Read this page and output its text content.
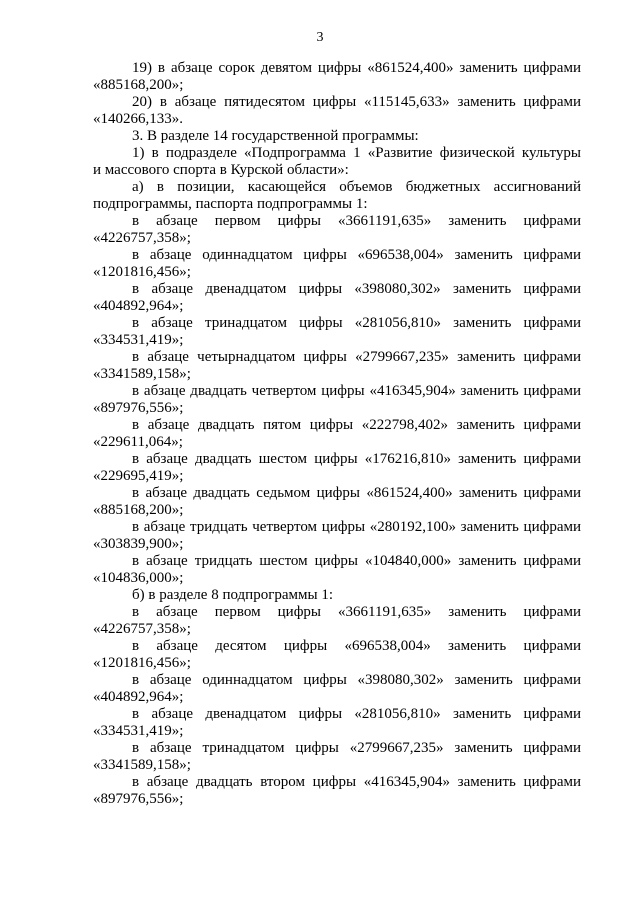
3

19) в абзаце сорок девятом цифры «861524,400» заменить цифрами
«885168,200»;

20) в абзаце пятидесятом цифры «115145,633» заменить цифрами
«140266,133».

3. В разделе 14 государственной программы:

1) в подразделе «Подпрограмма 1 «Развитие физической культуры
и массового спорта в Курской области»:

а) в позиции, касающейся объемов бюджетных ассигнований
подпрограммы, паспорта подпрограммы 1:

в абзаце первом цифры «3661191,635» заменить цифрами
«4226757,358»;

в абзаце одиннадцатом цифры «696538,004» заменить цифрами
«1201816,456»;

в абзаце двенадцатом цифры «398080,302» заменить цифрами
«404892,964»;

в абзаце тринадцатом цифры «281056,810» заменить цифрами
«334531,419»;

в абзаце четырнадцатом цифры «2799667,235» заменить цифрами
«3341589,158»;

в абзаце двадцать четвертом цифры «416345,904» заменить цифрами
«897976,556»;

в абзаце двадцать пятом цифры «222798,402» заменить цифрами
«229611,064»;

в абзаце двадцать шестом цифры «176216,810» заменить цифрами
«229695,419»;

в абзаце двадцать седьмом цифры «861524,400» заменить цифрами
«885168,200»;

в абзаце тридцать четвертом цифры «280192,100» заменить цифрами
«303839,900»;

в абзаце тридцать шестом цифры «104840,000» заменить цифрами
«104836,000»;

б) в разделе 8 подпрограммы 1:

в абзаце первом цифры «3661191,635» заменить цифрами
«4226757,358»;

в абзаце десятом цифры «696538,004» заменить цифрами
«1201816,456»;

в абзаце одиннадцатом цифры «398080,302» заменить цифрами
«404892,964»;

в абзаце двенадцатом цифры «281056,810» заменить цифрами
«334531,419»;

в абзаце тринадцатом цифры «2799667,235» заменить цифрами
«3341589,158»;

в абзаце двадцать втором цифры «416345,904» заменить цифрами
«897976,556»;
